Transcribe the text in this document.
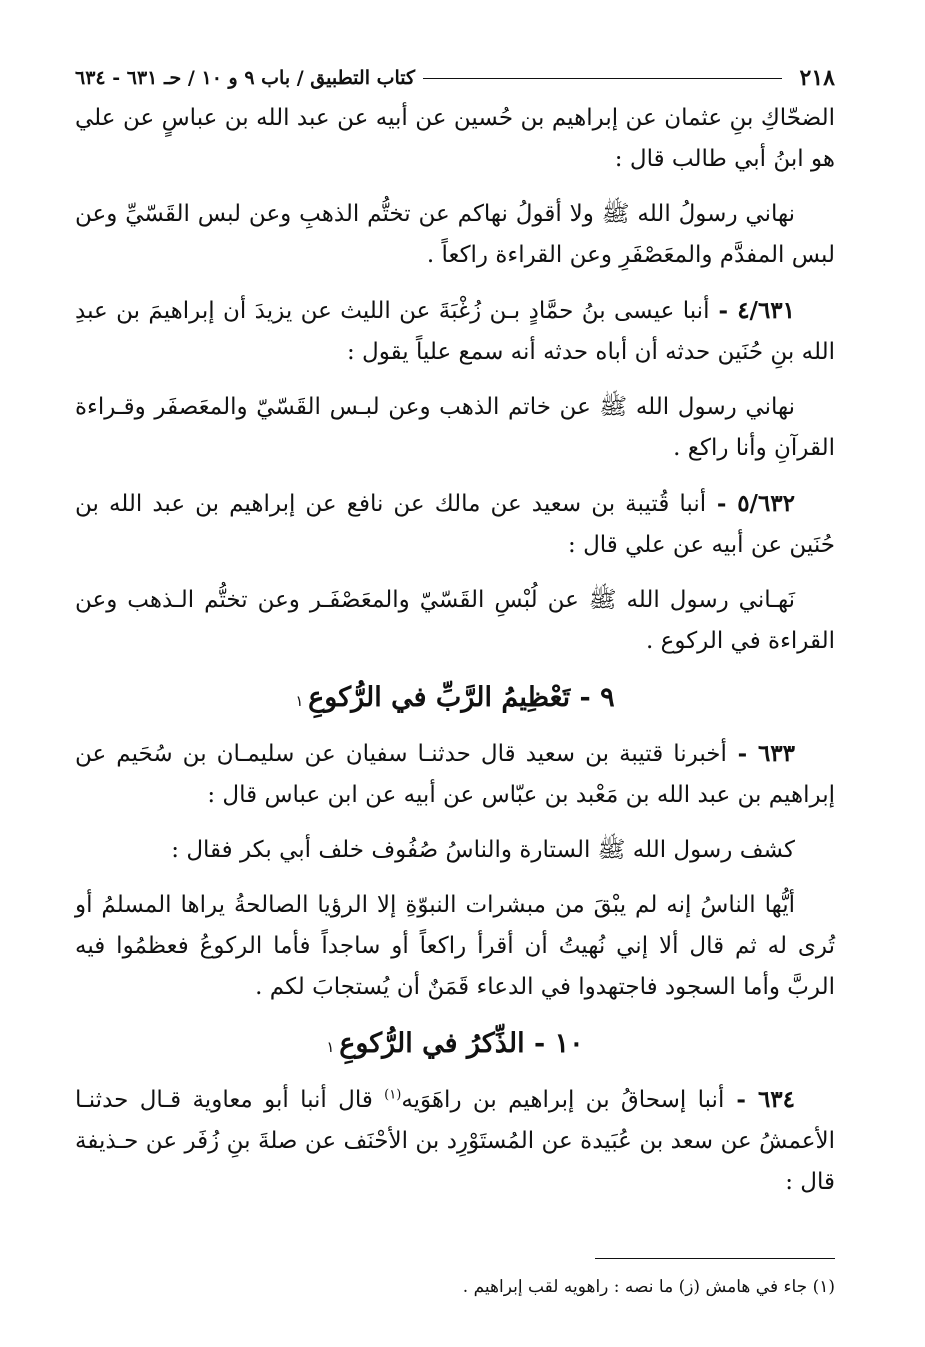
٢١٨
كتاب التطبيق / باب ٩ و ١٠ / حـ ٦٣١ - ٦٣٤

الضحّاكِ بنِ عثمان عن إبراهيم بن حُسين عن أبيه عن عبد الله بن عباسٍ عن علي هو ابنُ أبي طالب قال :

نهاني رسولُ الله ﷺ ولا أقولُ نهاكم عن تختُّم الذهبِ وعن لبس القَسّيِّ وعن لبس المفدَّم والمعَصْفَرِ وعن القراءة راكعاً .

٤/٦٣١ - أنبا عيسى بنُ حمَّادٍ بـن زُغْبَةَ عن الليث عن يزيدَ أن إبراهيمَ بن عبدِ الله بنِ حُنَين حدثه أن أباه حدثه أنه سمع علياً يقول :

نهاني رسول الله ﷺ عن خاتم الذهب وعن لبـس القَسّيّ والمعَصفَر وقـراءة القرآنِ وأنا راكع .

٥/٦٣٢ - أنبا قُتيبة بن سعيد عن مالك عن نافع عن إبراهيم بن عبد الله بن حُنَين عن أبيه عن علي قال :

نَهـاني رسول الله ﷺ عن لُبْسِ القَسّيّ والمعَصْفَـر وعن تختُّم الـذهب وعن القراءة في الركوع .

٩ - تَعْظِيمُ الرَّبِّ في الرُّكوعِ ١

٦٣٣ - أخبرنا قتيبة بن سعيد قال حدثنـا سفيان عن سليمـان بن سُحَيم عن إبراهيم بن عبد الله بن مَعْبد بن عبّاس عن أبيه عن ابن عباس قال :

كشف رسول الله ﷺ الستارة والناسُ صُفُوف خلف أبي بكر فقال :

أيُّها الناسُ إنه لم يبْقَ من مبشرات النبوّةِ إلا الرؤيا الصالحةُ يراها المسلمُ أو تُرى له ثم قال ألا إني نُهيتُ أن أقرأ راكعاً أو ساجداً فأما الركوعُ فعظمُوا فيه الربَّ وأما السجود فاجتهدوا في الدعاء قَمَنٌ أن يُستجابَ لكم .

١٠ - الذِّكرُ في الرُّكوعِ ١

٦٣٤ - أنبا إسحاقُ بن إبراهيم بن راهَوَيه$^{(١)}$ قال أنبا أبو معاوية قـال حدثنـا الأعمشُ عن سعد بن عُبَيدة عن المُستَوْرِد بن الأحْنَف عن صلةَ بنِ زُفَر عن حـذيفة قال :

(١) جاء في هامش (ز) ما نصه : راهويه لقب إبراهيم .
